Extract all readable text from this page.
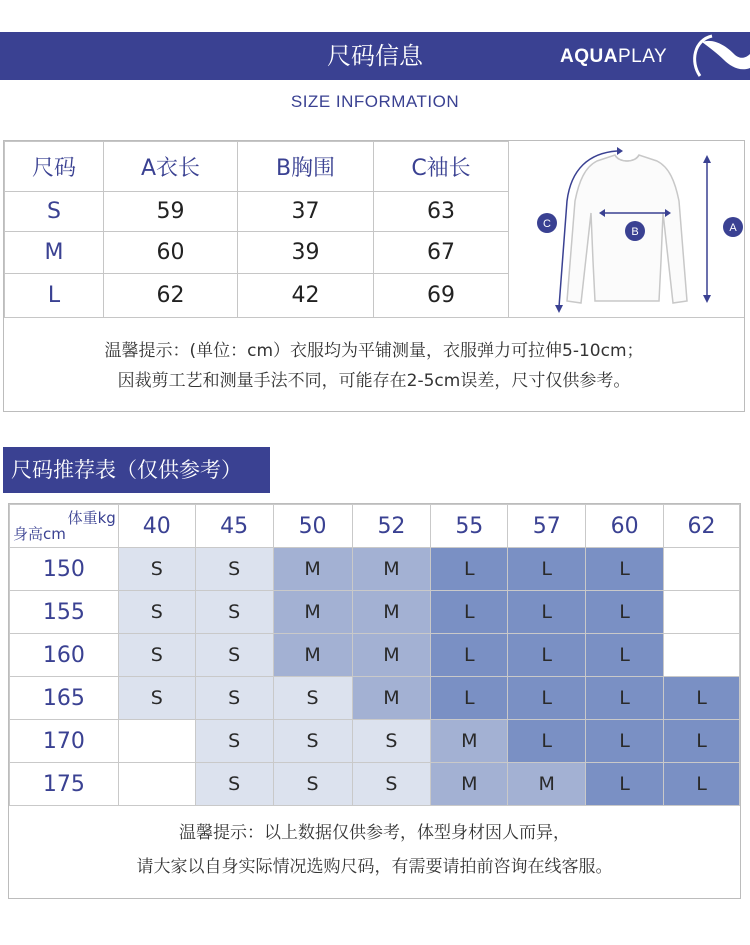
尺码信息	AQUAPLAY
SIZE INFORMATION
尺码	A衣长	B胸围	C袖长
S	59	37	63
M	60	39	67
L	62	42	69
C
B	A
温馨提示：(单位：cm）衣服均为平铺测量，衣服弹力可拉伸5-10cm；
因裁剪工艺和测量手法不同，可能存在2-5cm误差，尺寸仅供参考。
尺码推荐表（仅供参考）
体重kg
身高cm	40	45	50	52	55	57	60	62
150	S	S	M	M	L	L	L	
155	S	S	M	M	L	L	L	
160	S	S	M	M	L	L	L	
165	S	S	S	M	L	L	L	L
170		S	S	S	M	L	L	L
175		S	S	S	M	M	L	L
温馨提示：以上数据仅供参考，体型身材因人而异，
请大家以自身实际情况选购尺码，有需要请拍前咨询在线客服。
